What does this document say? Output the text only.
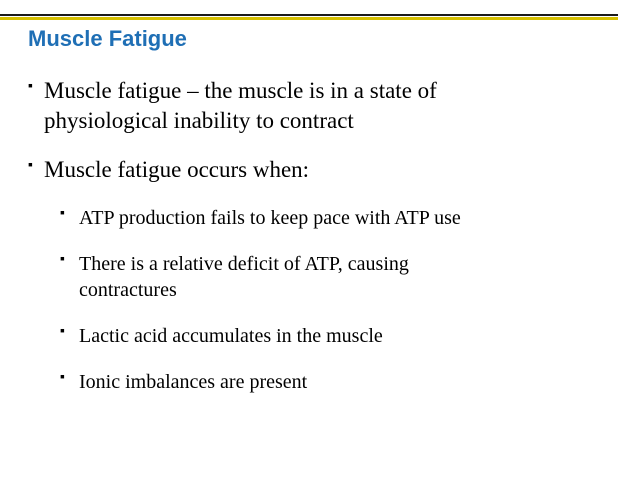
Muscle Fatigue
▪ Muscle fatigue – the muscle is in a state of
physiological inability to contract
▪ Muscle fatigue occurs when:
▪ ATP production fails to keep pace with ATP use
▪ There is a relative deficit of ATP, causing
contractures
▪ Lactic acid accumulates in the muscle
▪ Ionic imbalances are present
